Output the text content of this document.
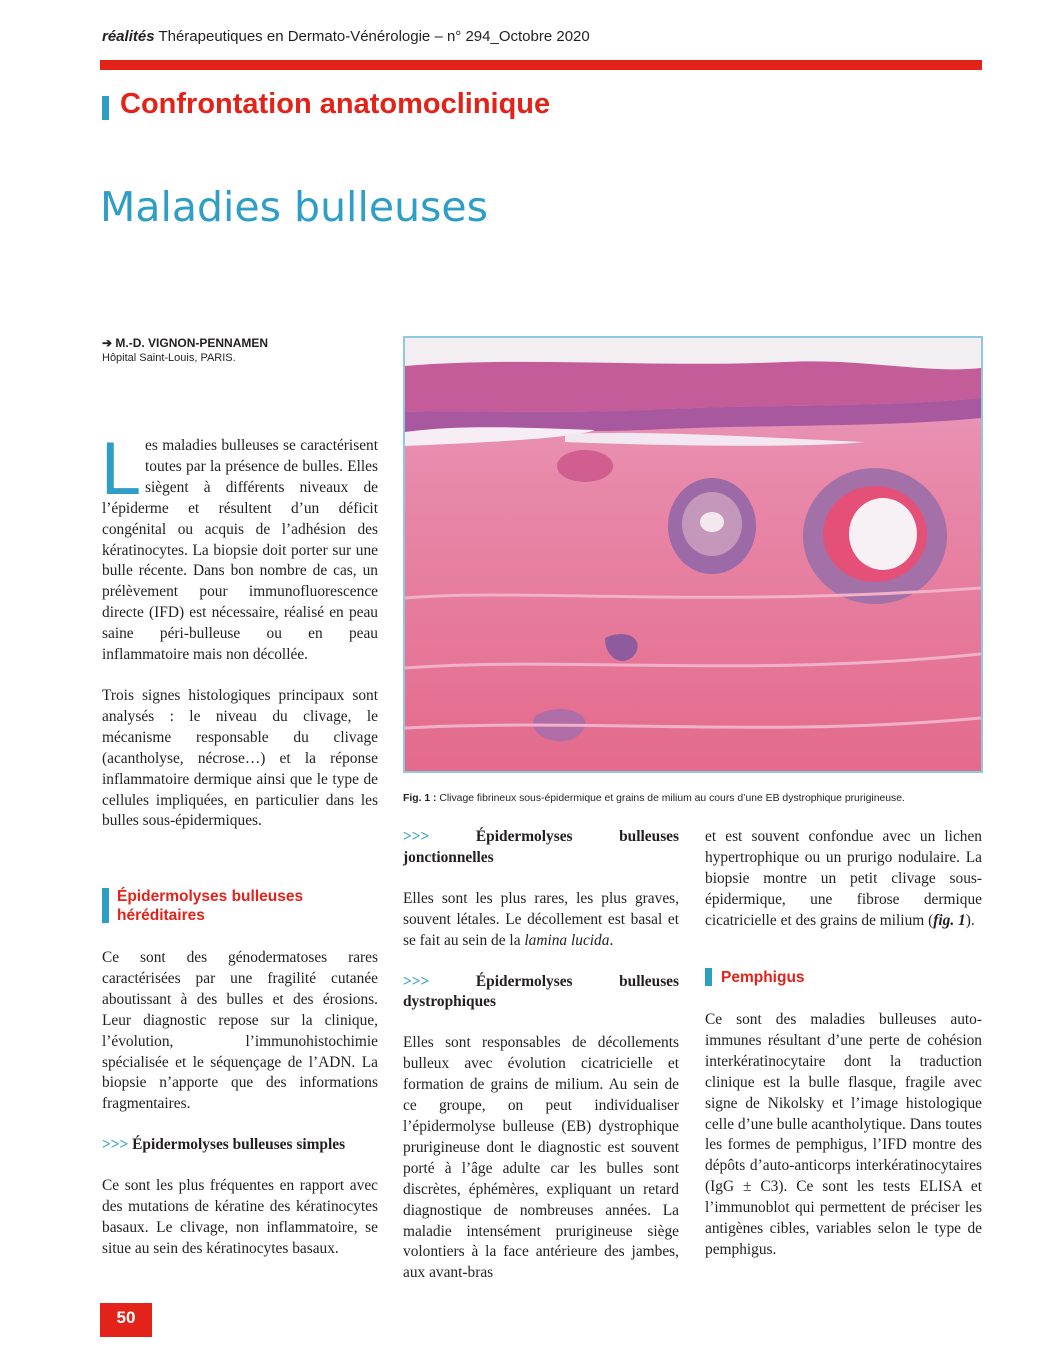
réalités Thérapeutiques en Dermato-Vénérologie – n° 294_Octobre 2020
Confrontation anatomoclinique
Maladies bulleuses
➔ M.-D. VIGNON-PENNAMEN
Hôpital Saint-Louis, PARIS.

Les maladies bulleuses se caractérisent toutes par la présence de bulles. Elles siègent à différents niveaux de l’épiderme et résultent d’un déficit congénital ou acquis de l’adhésion des kératinocytes. La biopsie doit porter sur une bulle récente. Dans bon nombre de cas, un prélèvement pour immunofluorescence directe (IFD) est nécessaire, réalisé en peau saine péri-bulleuse ou en peau inflammatoire mais non décollée.

Trois signes histologiques principaux sont analysés : le niveau du clivage, le mécanisme responsable du clivage (acantholyse, nécrose…) et la réponse inflammatoire dermique ainsi que le type de cellules impliquées, en particulier dans les bulles sous-épidermiques.

Épidermolyses bulleuses
héréditaires

Ce sont des génodermatoses rares caractérisées par une fragilité cutanée aboutissant à des bulles et des érosions. Leur diagnostic repose sur la clinique, l’évolution, l’immunohistochimie spécialisée et le séquençage de l’ADN. La biopsie n’apporte que des informations fragmentaires.

>>> Épidermolyses bulleuses simples

Ce sont les plus fréquentes en rapport avec des mutations de kératine des kératinocytes basaux. Le clivage, non inflammatoire, se situe au sein des kératinocytes basaux.

Fig. 1 : Clivage fibrineux sous-épidermique et grains de milium au cours d’une EB dystrophique prurigineuse.

>>> Épidermolyses bulleuses jonctionnelles

Elles sont les plus rares, les plus graves, souvent létales. Le décollement est basal et se fait au sein de la lamina lucida.

>>> Épidermolyses bulleuses dystrophiques

Elles sont responsables de décollements bulleux avec évolution cicatricielle et formation de grains de milium. Au sein de ce groupe, on peut individualiser l’épidermolyse bulleuse (EB) dystrophique prurigineuse dont le diagnostic est souvent porté à l’âge adulte car les bulles sont discrètes, éphémères, expliquant un retard diagnostique de nombreuses années. La maladie intensément prurigineuse siège volontiers à la face antérieure des jambes, aux avant-bras

et est souvent confondue avec un lichen hypertrophique ou un prurigo nodulaire. La biopsie montre un petit clivage sous-épidermique, une fibrose dermique cicatricielle et des grains de milium (fig. 1).

Pemphigus

Ce sont des maladies bulleuses auto-immunes résultant d’une perte de cohésion interkératinocytaire dont la traduction clinique est la bulle flasque, fragile avec signe de Nikolsky et l’image histologique celle d’une bulle acantholytique. Dans toutes les formes de pemphigus, l’IFD montre des dépôts d’auto-anticorps interkératinocytaires (IgG ± C3). Ce sont les tests ELISA et l’immunoblot qui permettent de préciser les antigènes cibles, variables selon le type de pemphigus.

50
